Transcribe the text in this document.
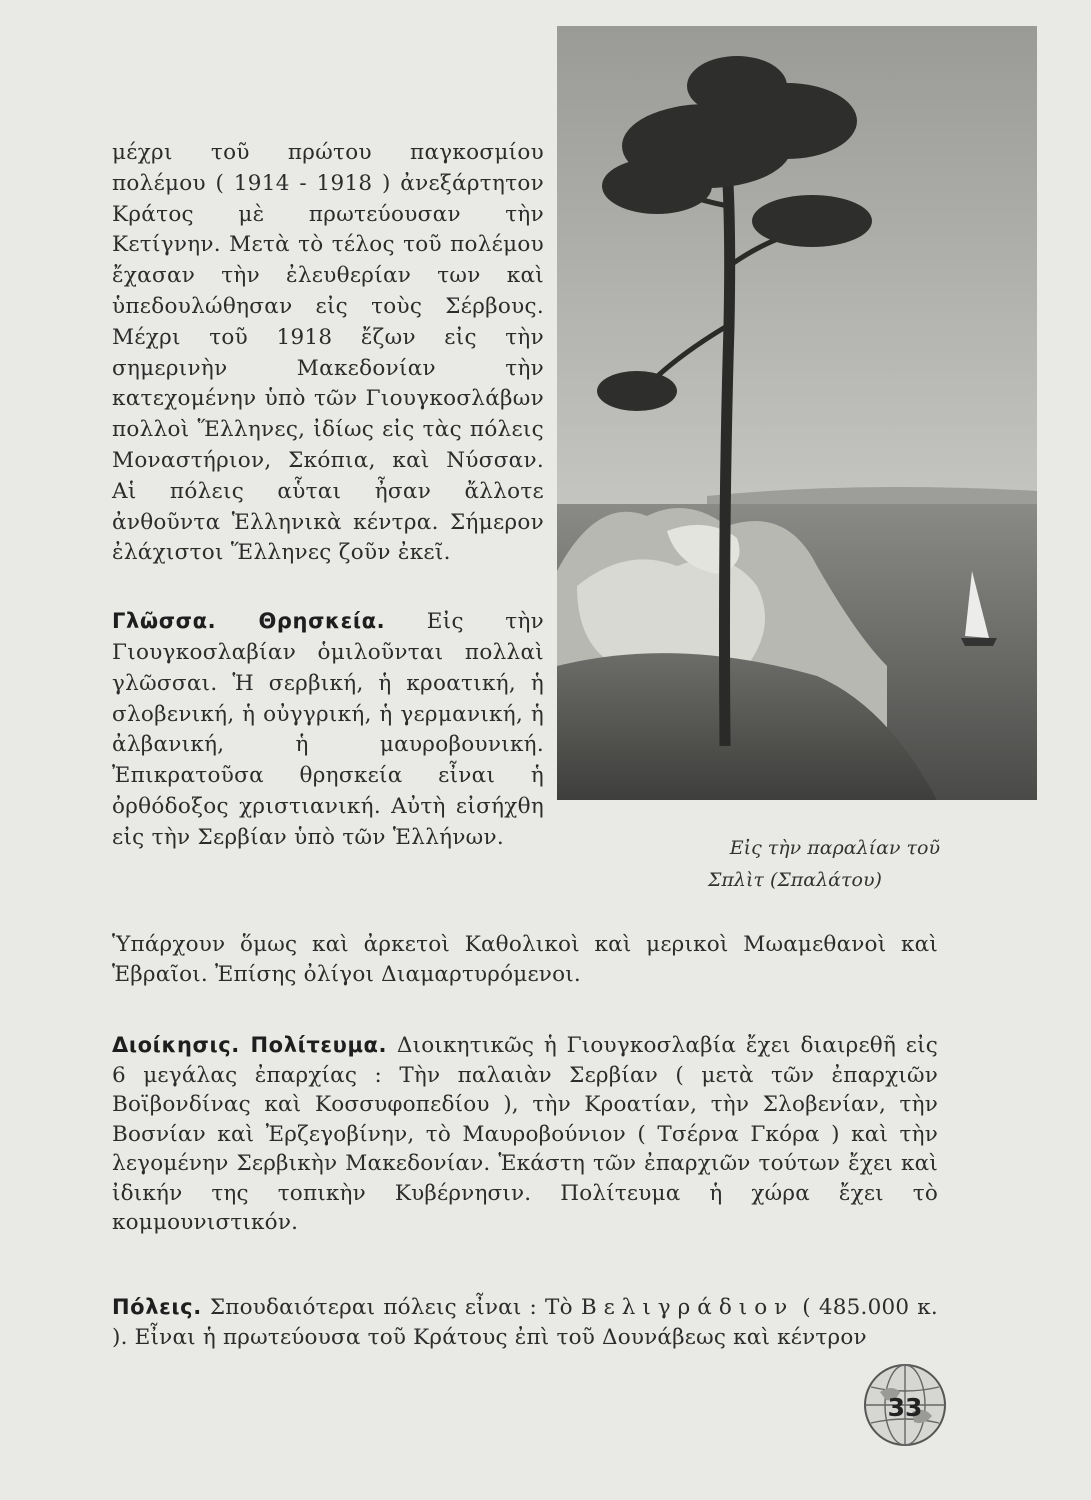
μέχρι τοῦ πρώτου παγκοσμίου πολέμου ( 1914 - 1918 ) ἀνεξάρτητον Κράτος μὲ πρωτεύουσαν τὴν Κετίγνην. Μετὰ τὸ τέλος τοῦ πολέμου ἔχασαν τὴν ἐλευθερίαν των καὶ ὑπεδουλώθησαν εἰς τοὺς Σέρβους. Μέχρι τοῦ 1918 ἔζων εἰς τὴν σημερινὴν Μακεδονίαν τὴν κατεχομένην ὑπὸ τῶν Γιουγκοσλάβων πολλοὶ Ἕλληνες, ἰδίως εἰς τὰς πόλεις Μοναστήριον, Σκόπια, καὶ Νύσσαν. Αἱ πόλεις αὗται ἦσαν ἄλλοτε ἀνθοῦντα Ἑλληνικὰ κέντρα. Σήμερον ἐλάχιστοι Ἕλληνες ζοῦν ἐκεῖ.

Γλῶσσα. Θρησκεία. Εἰς τὴν Γιουγκοσλαβίαν ὁμιλοῦνται πολλαὶ γλῶσσαι. Ἡ σερβική, ἡ κροατική, ἡ σλοβενική, ἡ οὐγγρική, ἡ γερμανική, ἡ ἀλβανική, ἡ μαυροβουνική. Ἐπικρατοῦσα θρησκεία εἶναι ἡ ὀρθόδοξος χριστιανική. Αὐτὴ εἰσήχθη εἰς τὴν Σερβίαν ὑπὸ τῶν Ἑλλήνων.	Εἰς τὴν παραλίαν τοῦ
Σπλὶτ (Σπαλάτου)

Ὑπάρχουν ὅμως καὶ ἀρκετοὶ Καθολικοὶ καὶ μερικοὶ Μωαμεθανοὶ καὶ Ἑβραῖοι. Ἐπίσης ὀλίγοι Διαμαρτυρόμενοι.

Διοίκησις. Πολίτευμα. Διοικητικῶς ἡ Γιουγκοσλαβία ἔχει διαιρεθῆ εἰς 6 μεγάλας ἐπαρχίας : Τὴν παλαιὰν Σερβίαν ( μετὰ τῶν ἐπαρχιῶν Βοϊβονδίνας καὶ Κοσσυφοπεδίου ), τὴν Κροατίαν, τὴν Σλοβενίαν, τὴν Βοσνίαν καὶ Ἐρζεγοβίνην, τὸ Μαυροβούνιον ( Τσέρνα Γκόρα ) καὶ τὴν λεγομένην Σερβικὴν Μακεδονίαν. Ἑκάστη τῶν ἐπαρχιῶν τούτων ἔχει καὶ ἰδικήν της τοπικὴν Κυβέρνησιν. Πολίτευμα ἡ χώρα ἔχει τὸ κομμουνιστικόν.

Πόλεις. Σπουδαιότεραι πόλεις εἶναι : Τὸ Βελιγράδιον ( 485.000 κ. ). Εἶναι ἡ πρωτεύουσα τοῦ Κράτους ἐπὶ τοῦ Δουνάβεως καὶ κέντρον

33
